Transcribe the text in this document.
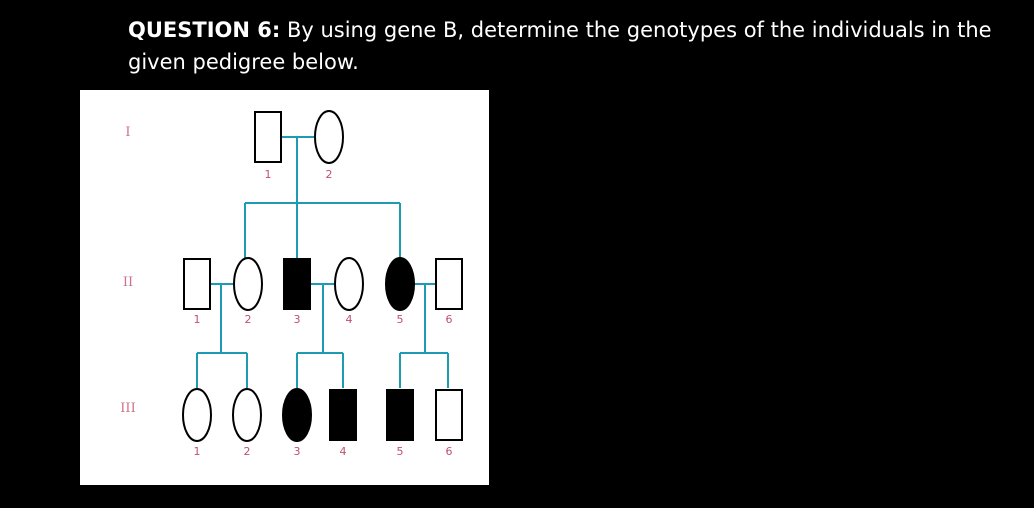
QUESTION 6: By using gene B, determine the genotypes of the individuals in the given pedigree below.

1	2
1	2	3	4	5	6
1	2	3	4	5	6
I
II
III
